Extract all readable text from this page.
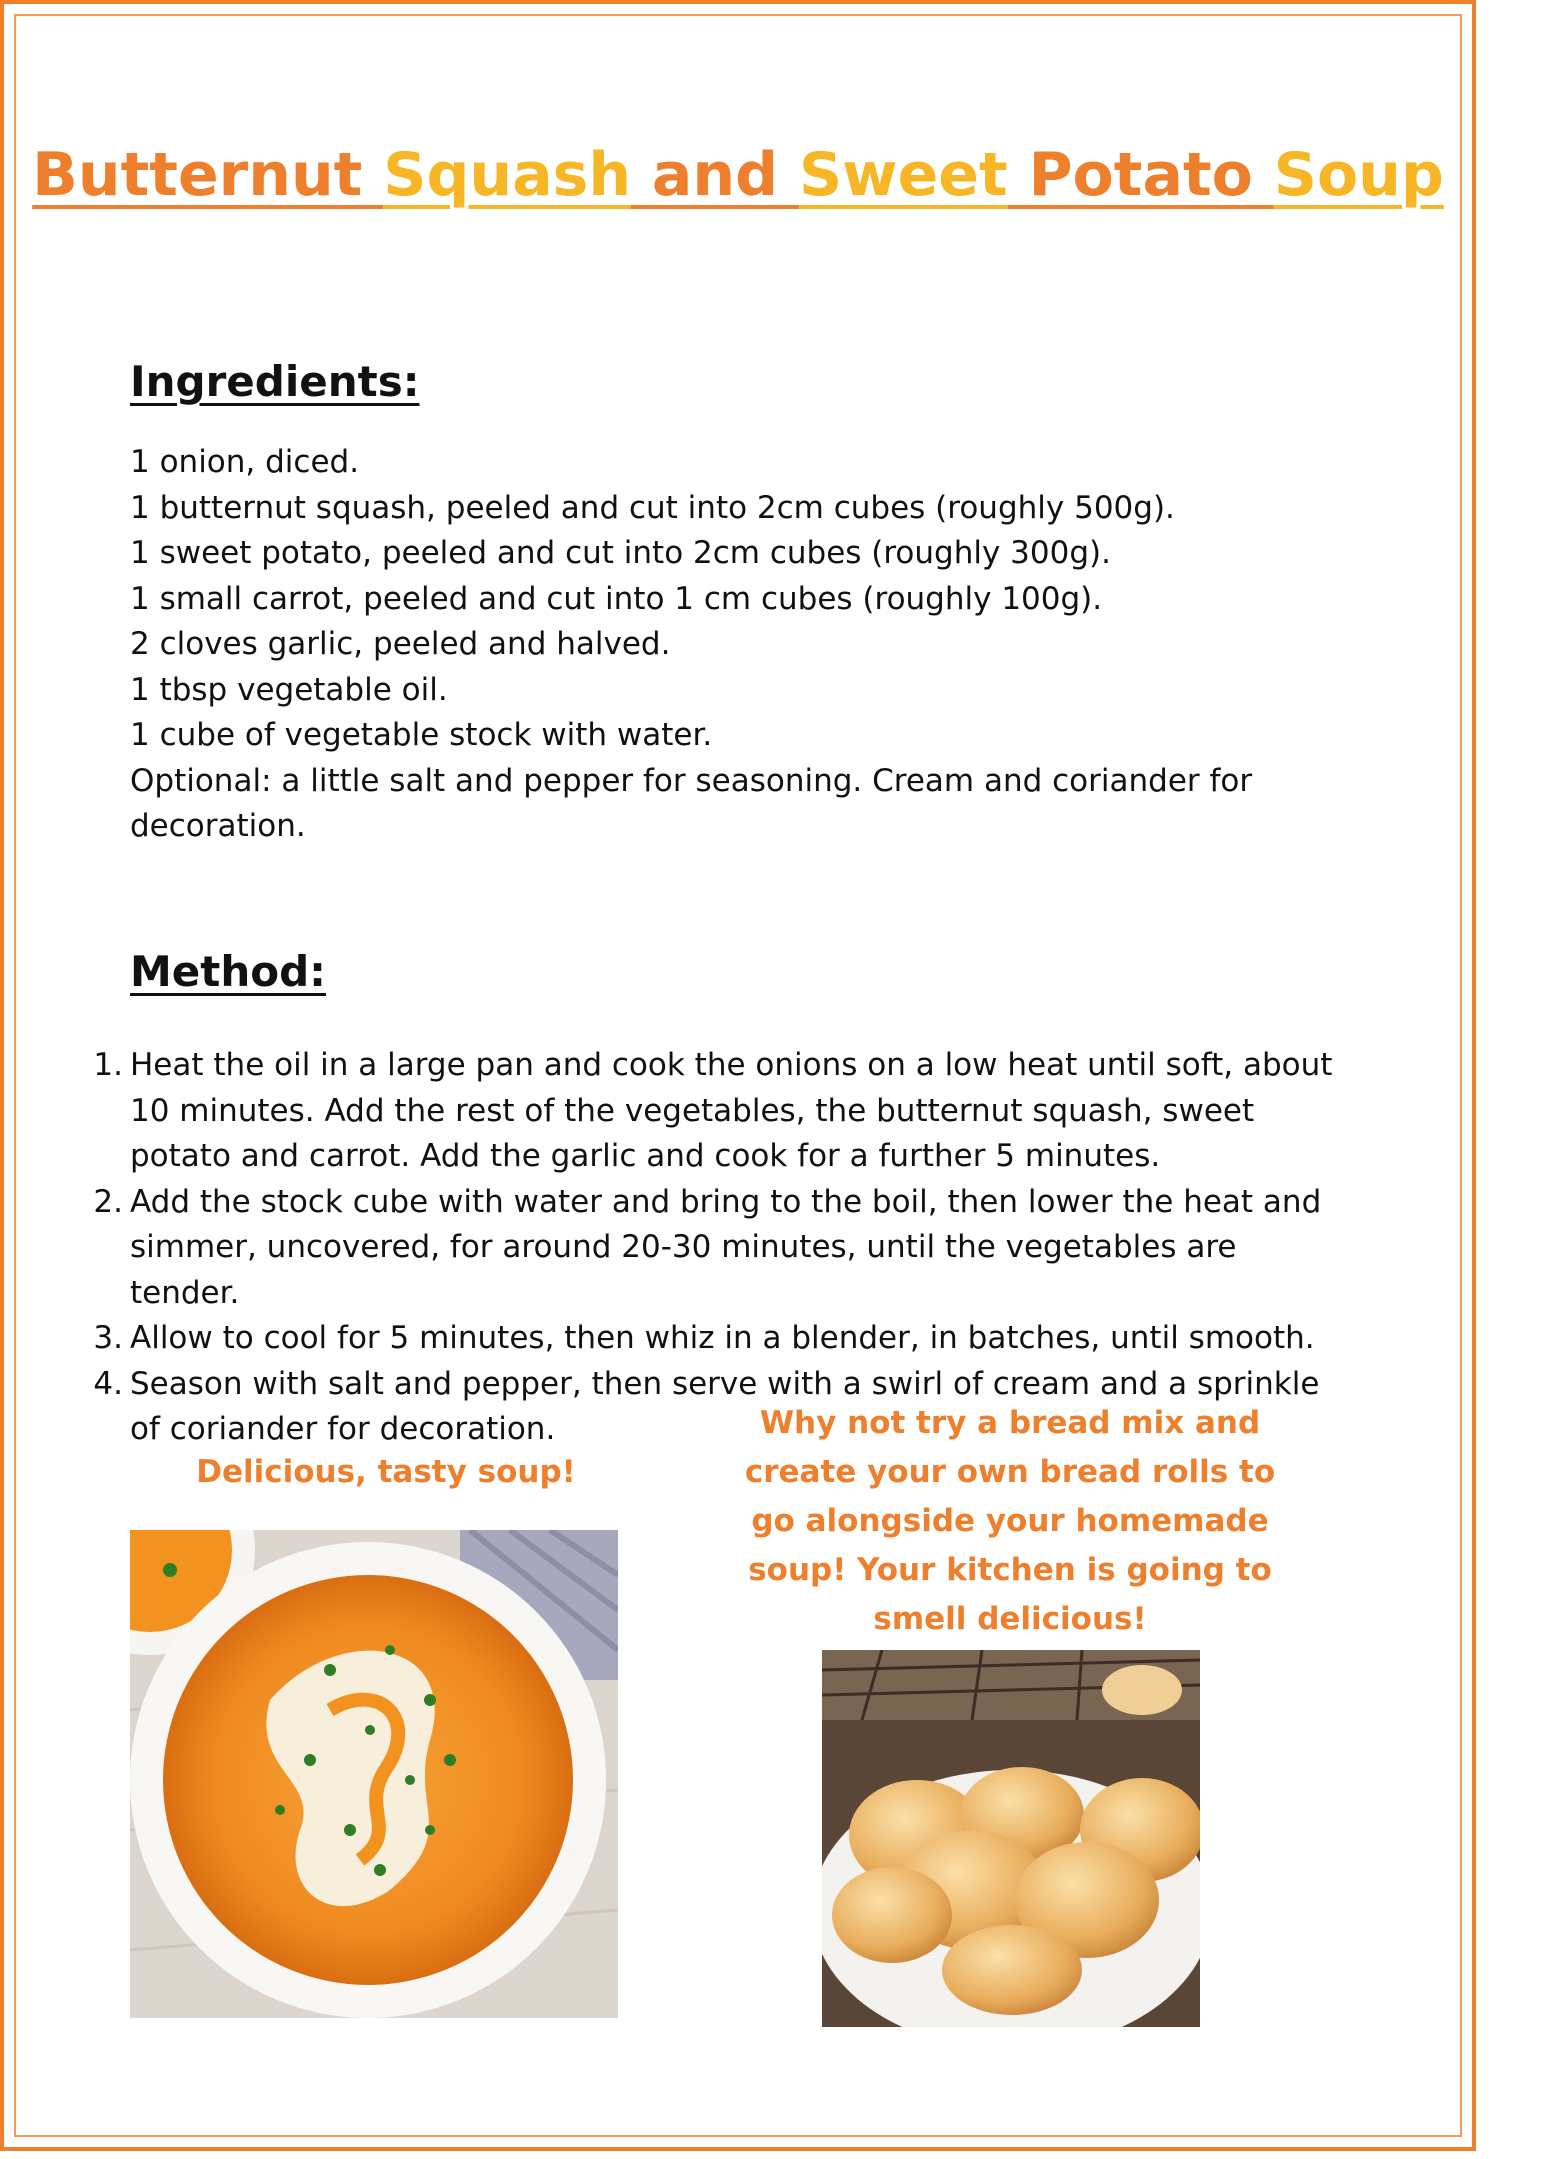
Butternut Squash and Sweet Potato Soup
Ingredients:
1 onion, diced.
1 butternut squash, peeled and cut into 2cm cubes (roughly 500g).
1 sweet potato, peeled and cut into 2cm cubes (roughly 300g).
1 small carrot, peeled and cut into 1 cm cubes (roughly 100g).
2 cloves garlic, peeled and halved.
1 tbsp vegetable oil.
1 cube of vegetable stock with water.
Optional: a little salt and pepper for seasoning. Cream and coriander for decoration.
Method:
1. Heat the oil in a large pan and cook the onions on a low heat until soft, about 10 minutes. Add the rest of the vegetables, the butternut squash, sweet potato and carrot. Add the garlic and cook for a further 5 minutes.
2. Add the stock cube with water and bring to the boil, then lower the heat and simmer, uncovered, for around 20-30 minutes, until the vegetables are tender.
3. Allow to cool for 5 minutes, then whiz in a blender, in batches, until smooth.
4. Season with salt and pepper, then serve with a swirl of cream and a sprinkle of coriander for decoration.

Delicious, tasty soup!

Why not try a bread mix and create your own bread rolls to go alongside your homemade soup! Your kitchen is going to smell delicious!
